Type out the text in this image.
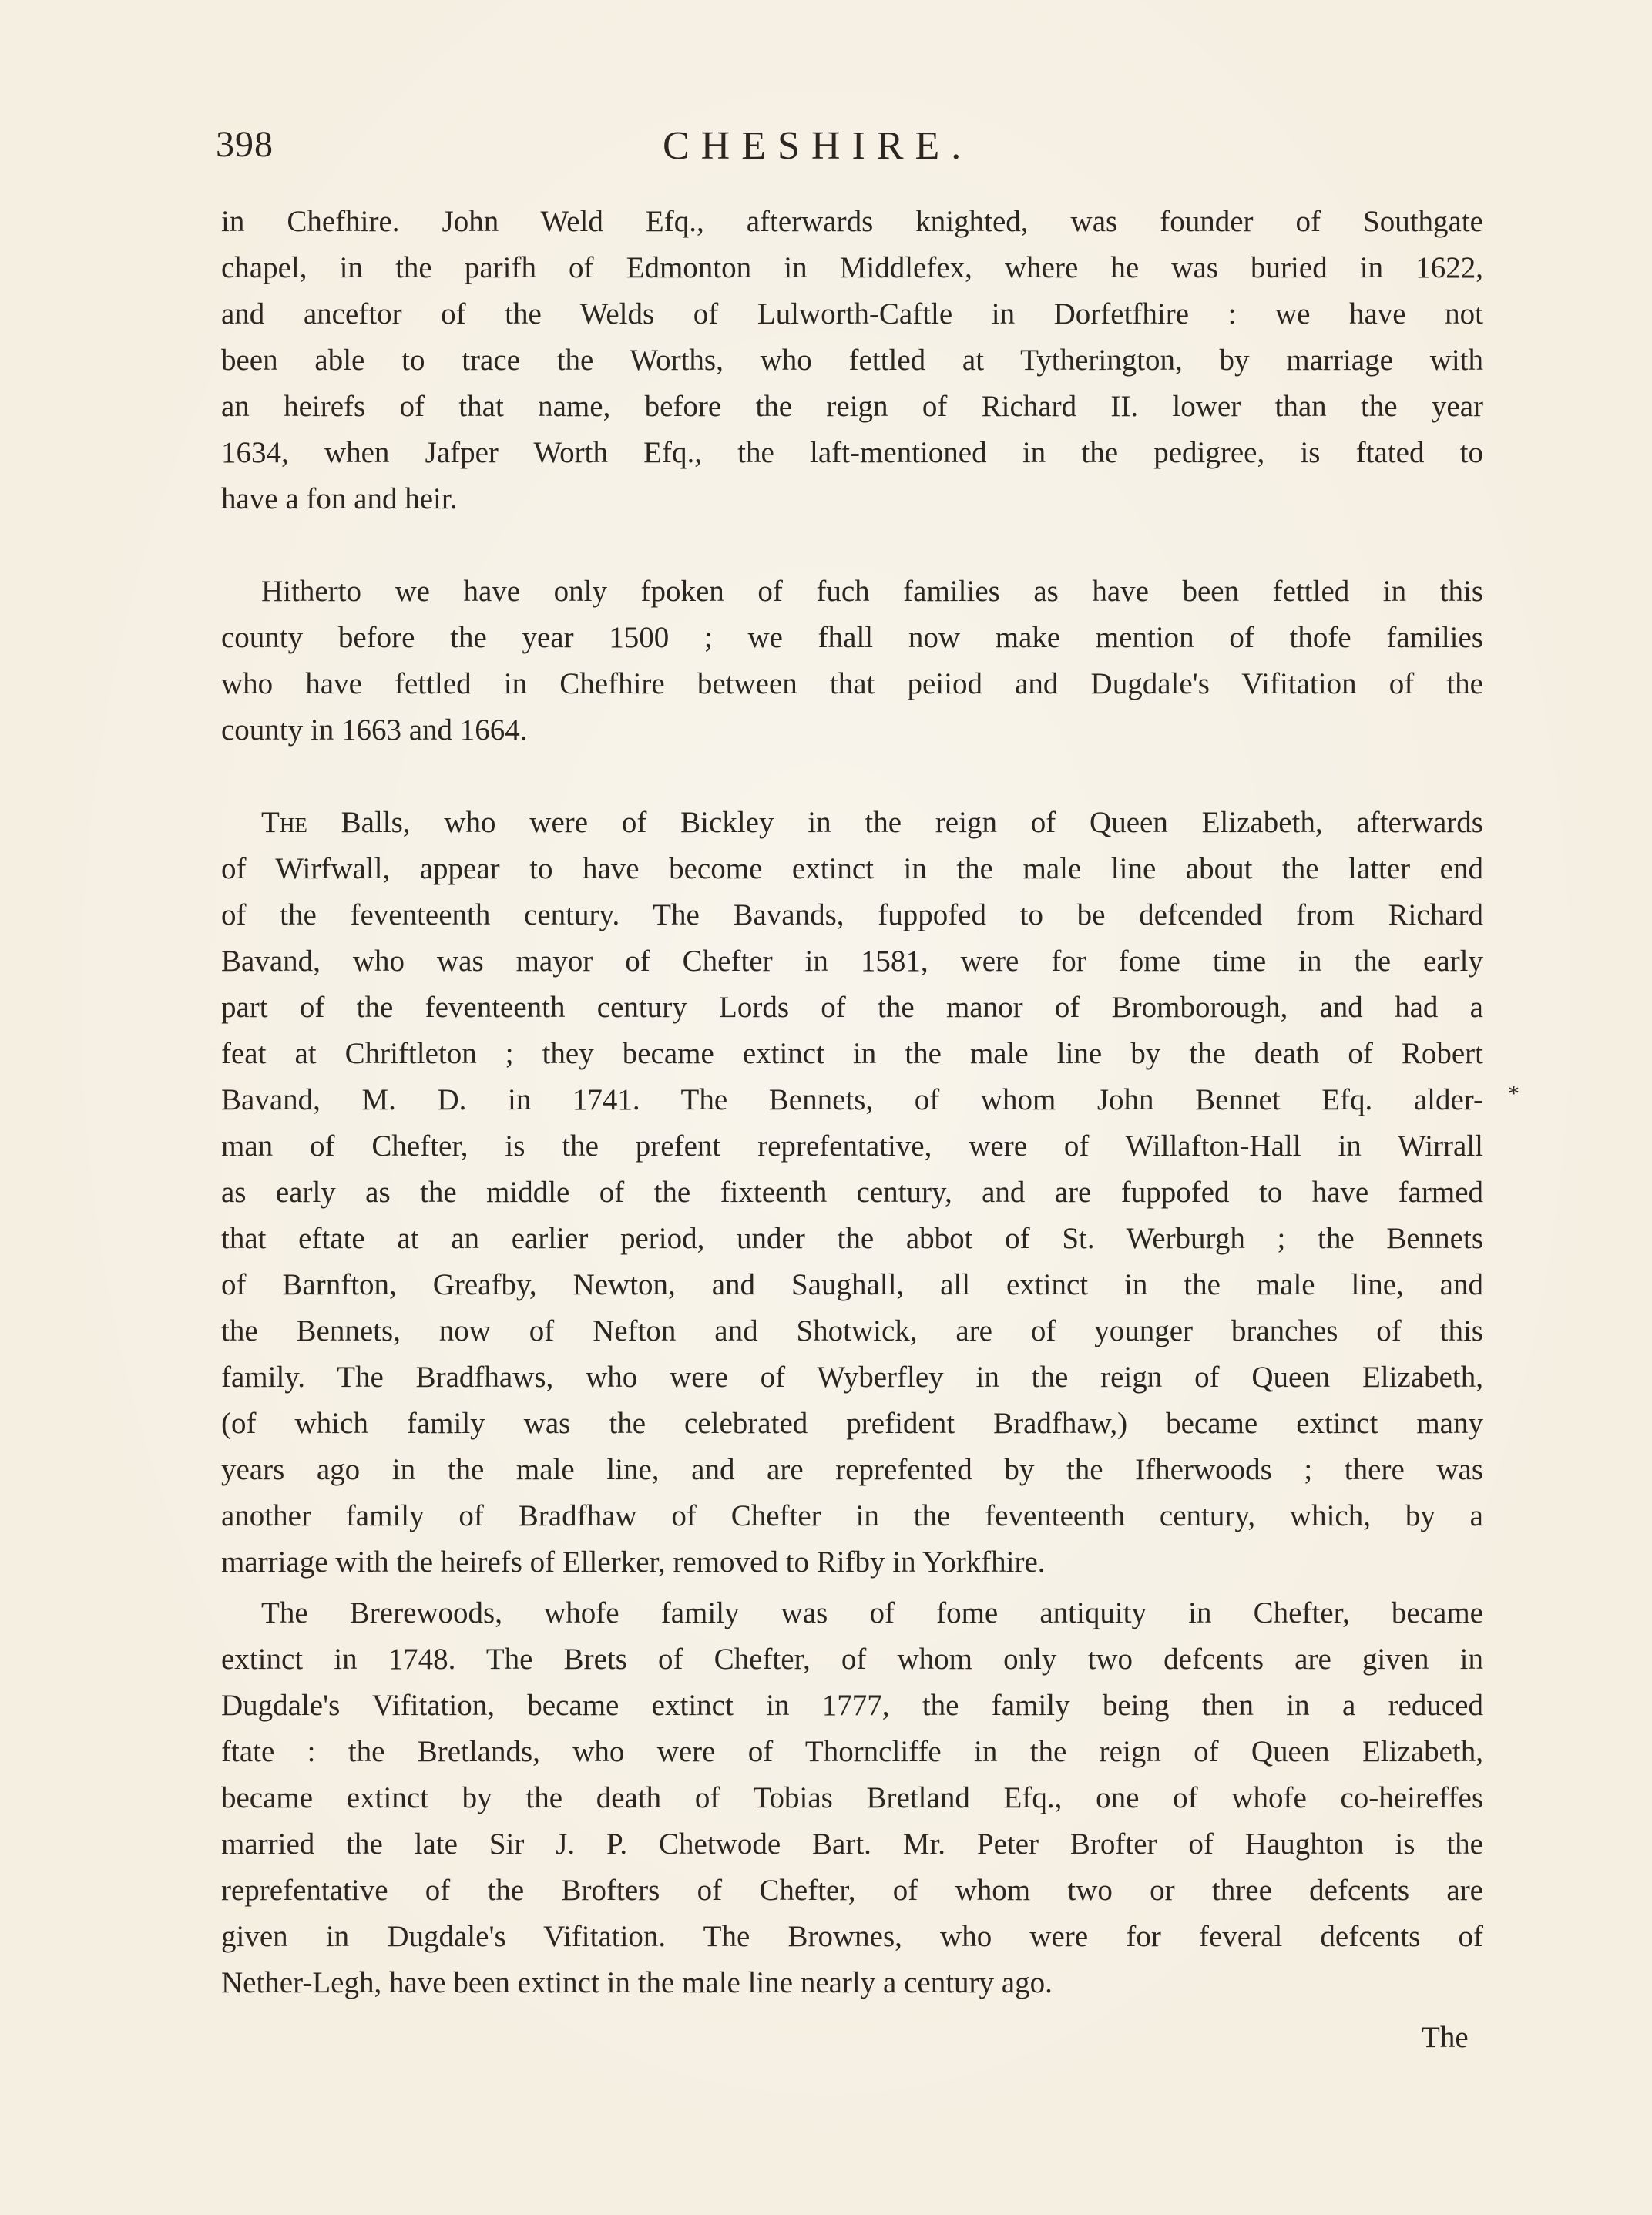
398	CHESHIRE.
in Chefhire. John Weld Efq., afterwards knighted, was founder of Southgate
chapel, in the parifh of Edmonton in Middlefex, where he was buried in 1622,
and anceftor of the Welds of Lulworth-Caftle in Dorfetfhire : we have not
been able to trace the Worths, who fettled at Tytherington, by marriage with
an heirefs of that name, before the reign of Richard II. lower than the year
1634, when Jafper Worth Efq., the laft-mentioned in the pedigree, is ftated to
have a fon and heir.
Hitherto we have only fpoken of fuch families as have been fettled in this
county before the year 1500 ; we fhall now make mention of thofe families
who have fettled in Chefhire between that peiiod and Dugdale's Vifitation of the
county in 1663 and 1664.
The Balls, who were of Bickley in the reign of Queen Elizabeth, afterwards
of Wirfwall, appear to have become extinct in the male line about the latter end
of the feventeenth century. The Bavands, fuppofed to be defcended from Richard
Bavand, who was mayor of Chefter in 1581, were for fome time in the early
part of the feventeenth century Lords of the manor of Bromborough, and had a
feat at Chriftleton ; they became extinct in the male line by the death of Robert
Bavand, M. D. in 1741. The Bennets, of whom John Bennet Efq. alder-
man of Chefter, is the prefent reprefentative, were of Willafton-Hall in Wirrall
as early as the middle of the fixteenth century, and are fuppofed to have farmed
that eftate at an earlier period, under the abbot of St. Werburgh ; the Bennets
of Barnfton, Greafby, Newton, and Saughall, all extinct in the male line, and
the Bennets, now of Nefton and Shotwick, are of younger branches of this
family. The Bradfhaws, who were of Wyberfley in the reign of Queen Elizabeth,
(of which family was the celebrated prefident Bradfhaw,) became extinct many
years ago in the male line, and are reprefented by the Ifherwoods ; there was
another family of Bradfhaw of Chefter in the feventeenth century, which, by a
marriage with the heirefs of Ellerker, removed to Rifby in Yorkfhire.
The Brerewoods, whofe family was of fome antiquity in Chefter, became
extinct in 1748. The Brets of Chefter, of whom only two defcents are given in
Dugdale's Vifitation, became extinct in 1777, the family being then in a reduced
ftate : the Bretlands, who were of Thorncliffe in the reign of Queen Elizabeth,
became extinct by the death of Tobias Bretland Efq., one of whofe co-heireffes
married the late Sir J. P. Chetwode Bart. Mr. Peter Brofter of Haughton is the
reprefentative of the Brofters of Chefter, of whom two or three defcents are
given in Dugdale's Vifitation. The Brownes, who were for feveral defcents of
Nether-Legh, have been extinct in the male line nearly a century ago.
The
*
